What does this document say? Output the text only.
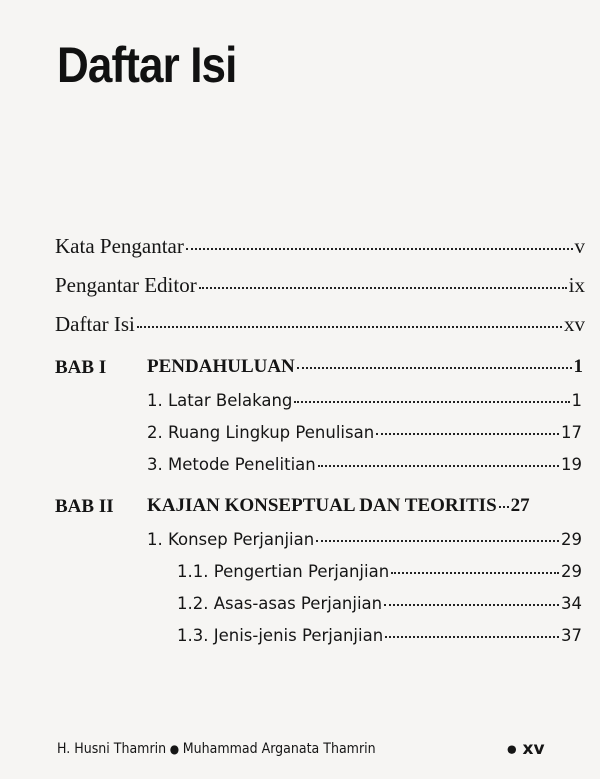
Daftar Isi
Kata Pengantar	v
Pengantar Editor	ix
Daftar Isi	xv
BAB I PENDAHULUAN	1
1. Latar Belakang	1
2. Ruang Lingkup Penulisan	17
3. Metode Penelitian	19
BAB II KAJIAN KONSEPTUAL DAN TEORITIS 27
1. Konsep Perjanjian	29
1.1. Pengertian Perjanjian	29
1.2. Asas-asas Perjanjian	34
1.3. Jenis-jenis Perjanjian	37
H. Husni Thamrin ● Muhammad Arganata Thamrin	● xv
